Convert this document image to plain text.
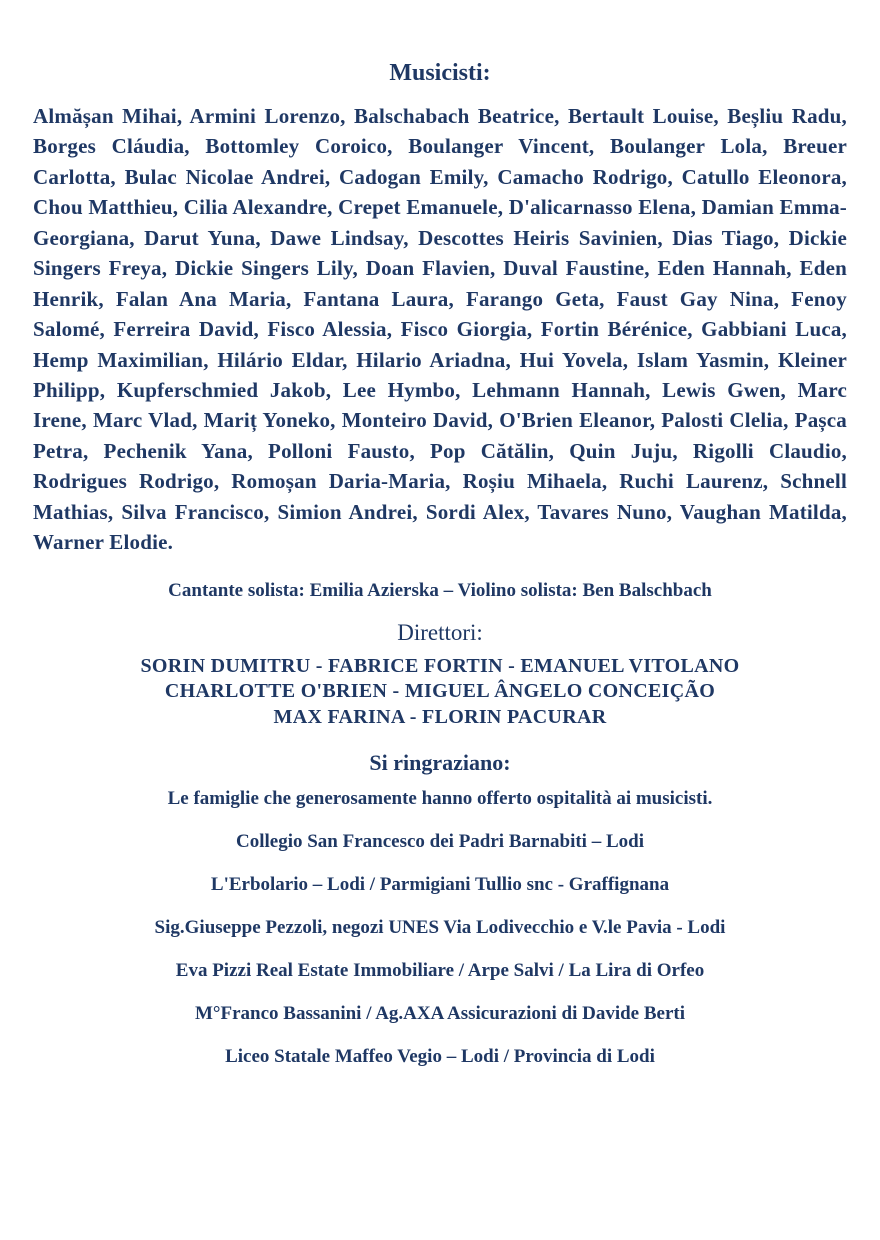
Musicisti:
Almășan Mihai, Armini Lorenzo, Balschabach Beatrice, Bertault Louise, Beșliu Radu, Borges Cláudia, Bottomley Coroico, Boulanger Vincent, Boulanger Lola, Breuer Carlotta, Bulac Nicolae Andrei, Cadogan Emily, Camacho Rodrigo, Catullo Eleonora, Chou Matthieu, Cilia Alexandre, Crepet Emanuele, D'alicarnasso Elena, Damian Emma-Georgiana, Darut Yuna, Dawe Lindsay, Descottes Heiris Savinien, Dias Tiago, Dickie Singers Freya, Dickie Singers Lily, Doan Flavien, Duval Faustine, Eden Hannah, Eden Henrik, Falan Ana Maria, Fantana Laura, Farango Geta, Faust Gay Nina, Fenoy Salomé, Ferreira David, Fisco Alessia, Fisco Giorgia, Fortin Bérénice, Gabbiani Luca, Hemp Maximilian, Hilário Eldar, Hilario Ariadna, Hui Yovela, Islam Yasmin, Kleiner Philipp, Kupferschmied Jakob, Lee Hymbo, Lehmann Hannah, Lewis Gwen, Marc Irene, Marc Vlad, Mariț Yoneko, Monteiro David, O'Brien Eleanor, Palosti Clelia, Pașca Petra, Pechenik Yana, Polloni Fausto, Pop Cătălin, Quin Juju, Rigolli Claudio, Rodrigues Rodrigo, Romoșan Daria-Maria, Roșiu Mihaela, Ruchi Laurenz, Schnell Mathias, Silva Francisco, Simion Andrei, Sordi Alex, Tavares Nuno, Vaughan Matilda, Warner Elodie.
Cantante solista: Emilia Azierska – Violino solista: Ben Balschbach
Direttori:
SORIN DUMITRU - FABRICE FORTIN - EMANUEL VITOLANO
CHARLOTTE O'BRIEN - MIGUEL ÂNGELO CONCEIÇÃO
MAX FARINA - FLORIN PACURAR
Si ringraziano:
Le famiglie che generosamente hanno offerto ospitalità ai musicisti.
Collegio San Francesco dei Padri Barnabiti – Lodi
L'Erbolario – Lodi / Parmigiani Tullio snc - Graffignana
Sig.Giuseppe Pezzoli, negozi UNES Via Lodivecchio e V.le Pavia - Lodi
Eva Pizzi Real Estate Immobiliare / Arpe Salvi / La Lira di Orfeo
M°Franco Bassanini / Ag.AXA Assicurazioni di Davide Berti
Liceo Statale Maffeo Vegio – Lodi / Provincia di Lodi
